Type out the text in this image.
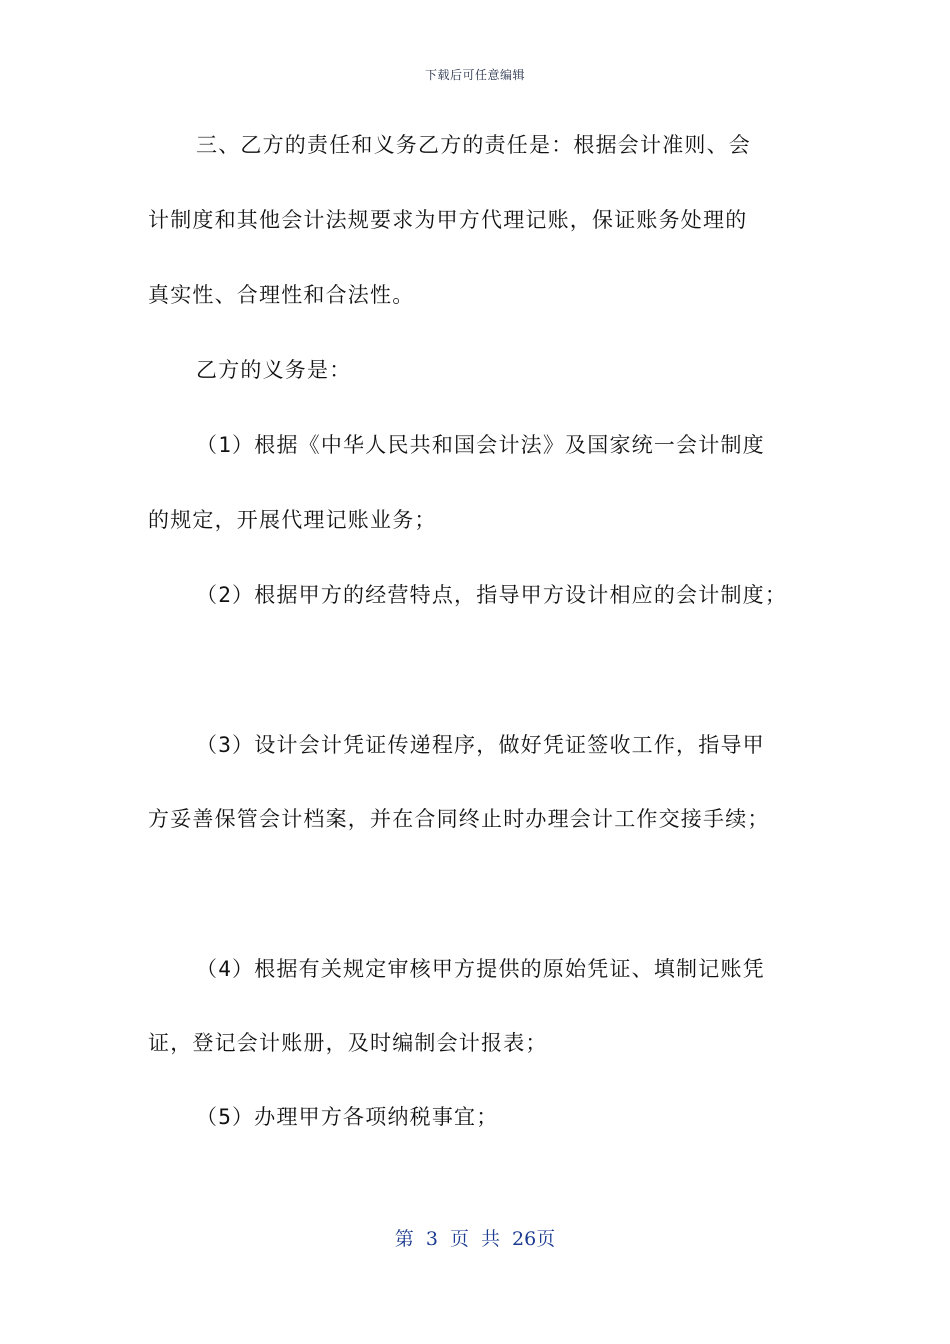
下载后可任意编辑
三、乙方的责任和义务乙方的责任是：根据会计准则、会
计制度和其他会计法规要求为甲方代理记账，保证账务处理的
真实性、合理性和合法性。
乙方的义务是：
（1）根据《中华人民共和国会计法》及国家统一会计制度
的规定，开展代理记账业务；
（2）根据甲方的经营特点，指导甲方设计相应的会计制度；
（3）设计会计凭证传递程序，做好凭证签收工作，指导甲
方妥善保管会计档案，并在合同终止时办理会计工作交接手续；
（4）根据有关规定审核甲方提供的原始凭证、填制记账凭
证，登记会计账册，及时编制会计报表；
（5）办理甲方各项纳税事宜；
第 3 页 共 26页
